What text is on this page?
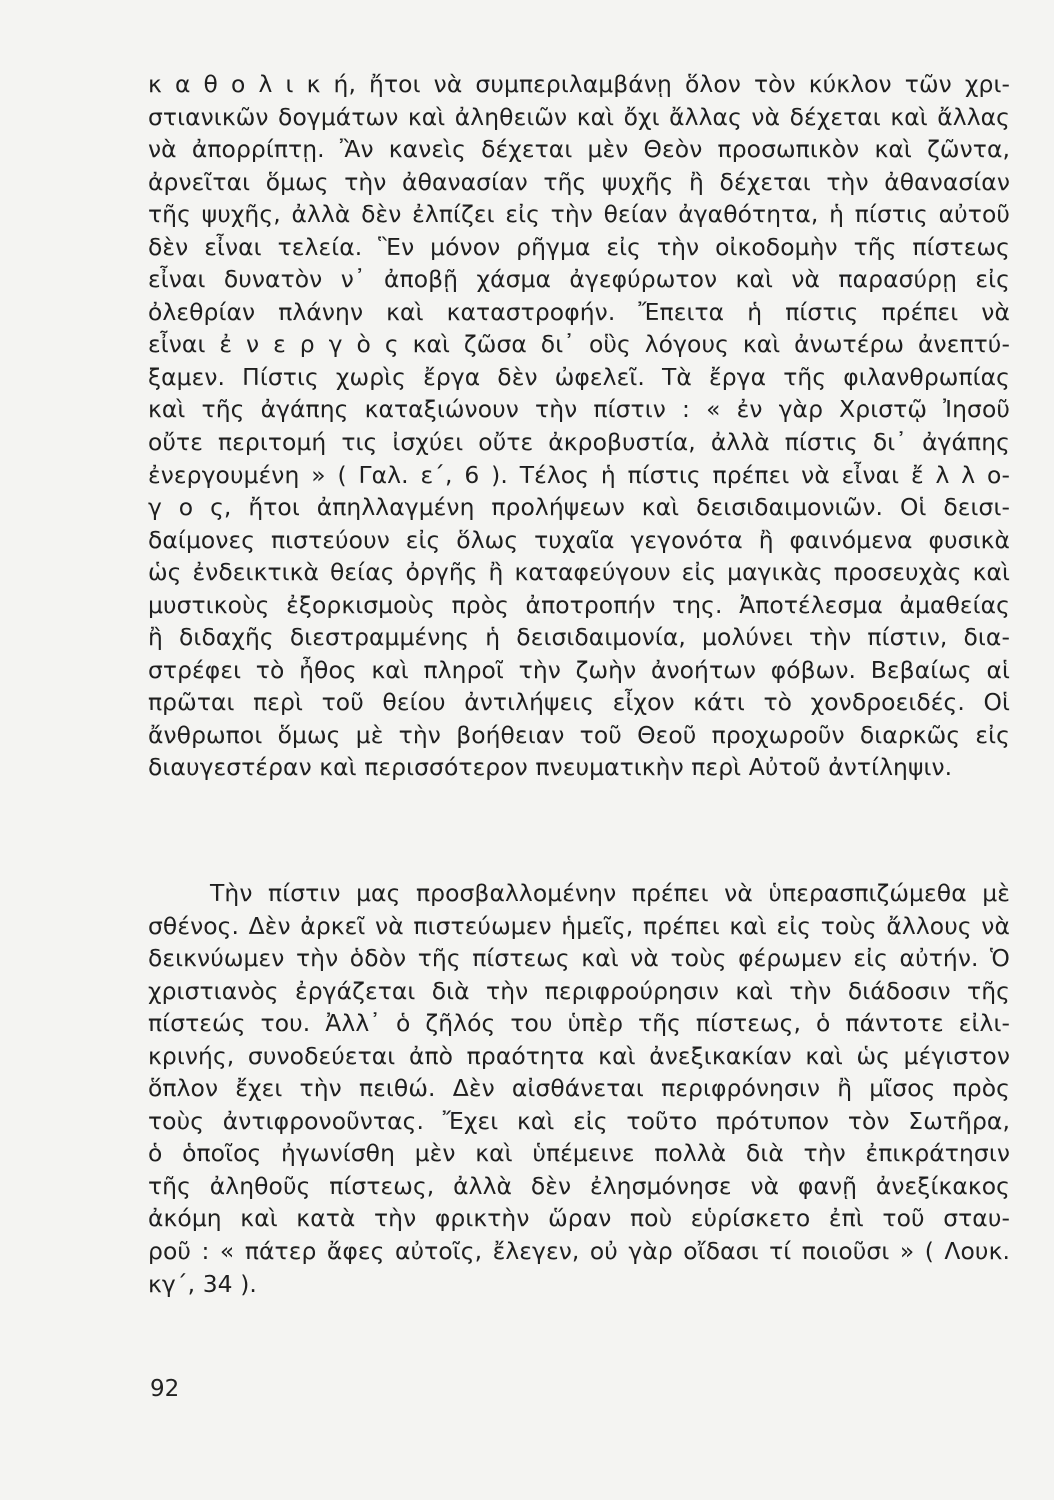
κ α θ ο λ ι κ ή, ἤτοι νὰ συμπεριλαμβάνῃ ὅλον τὸν κύκλον τῶν χρι-
στιανικῶν δογμάτων καὶ ἀληθειῶν καὶ ὄχι ἄλλας νὰ δέχεται καὶ ἄλλας
νὰ ἀπορρίπτῃ. Ἂν κανεὶς δέχεται μὲν Θεὸν προσωπικὸν καὶ ζῶντα,
ἀρνεῖται ὅμως τὴν ἀθανασίαν τῆς ψυχῆς ἢ δέχεται τὴν ἀθανασίαν
τῆς ψυχῆς, ἀλλὰ δὲν ἐλπίζει εἰς τὴν θείαν ἀγαθότητα, ἡ πίστις αὐτοῦ
δὲν εἶναι τελεία. Ἓν μόνον ρῆγμα εἰς τὴν οἰκοδομὴν τῆς πίστεως
εἶναι δυνατὸν ν᾽ ἀποβῇ χάσμα ἀγεφύρωτον καὶ νὰ παρασύρῃ εἰς
ὀλεθρίαν πλάνην καὶ καταστροφήν. Ἔπειτα ἡ πίστις πρέπει νὰ
εἶναι ἐ ν ε ρ γ ὸ ς καὶ ζῶσα δι᾽ οὓς λόγους καὶ ἀνωτέρω ἀνεπτύ-
ξαμεν. Πίστις χωρὶς ἔργα δὲν ὠφελεῖ. Τὰ ἔργα τῆς φιλανθρωπίας
καὶ τῆς ἀγάπης καταξιώνουν τὴν πίστιν : « ἐν γὰρ Χριστῷ Ἰησοῦ
οὔτε περιτομή τις ἰσχύει οὔτε ἀκροβυστία, ἀλλὰ πίστις δι᾽ ἀγάπης
ἐνεργουμένη » ( Γαλ. ε΄, 6 ). Τέλος ἡ πίστις πρέπει νὰ εἶναι ἔ λ λ ο-
γ ο ς, ἤτοι ἀπηλλαγμένη προλήψεων καὶ δεισιδαιμονιῶν. Οἱ δεισι-
δαίμονες πιστεύουν εἰς ὅλως τυχαῖα γεγονότα ἢ φαινόμενα φυσικὰ
ὡς ἐνδεικτικὰ θείας ὀργῆς ἢ καταφεύγουν εἰς μαγικὰς προσευχὰς καὶ
μυστικοὺς ἐξορκισμοὺς πρὸς ἀποτροπήν της. Ἀποτέλεσμα ἀμαθείας
ἢ διδαχῆς διεστραμμένης ἡ δεισιδαιμονία, μολύνει τὴν πίστιν, δια-
στρέφει τὸ ἦθος καὶ πληροῖ τὴν ζωὴν ἀνοήτων φόβων. Βεβαίως αἱ
πρῶται περὶ τοῦ θείου ἀντιλήψεις εἶχον κάτι τὸ χονδροειδές. Οἱ
ἄνθρωποι ὅμως μὲ τὴν βοήθειαν τοῦ Θεοῦ προχωροῦν διαρκῶς εἰς
διαυγεστέραν καὶ περισσότερον πνευματικὴν περὶ Αὐτοῦ ἀντίληψιν.
Τὴν πίστιν μας προσβαλλομένην πρέπει νὰ ὑπερασπιζώμεθα μὲ
σθένος. Δὲν ἀρκεῖ νὰ πιστεύωμεν ἡμεῖς, πρέπει καὶ εἰς τοὺς ἄλλους νὰ
δεικνύωμεν τὴν ὁδὸν τῆς πίστεως καὶ νὰ τοὺς φέρωμεν εἰς αὐτήν. Ὁ
χριστιανὸς ἐργάζεται διὰ τὴν περιφρούρησιν καὶ τὴν διάδοσιν τῆς
πίστεώς του. Ἀλλ᾽ ὁ ζῆλός του ὑπὲρ τῆς πίστεως, ὁ πάντοτε εἰλι-
κρινής, συνοδεύεται ἀπὸ πραότητα καὶ ἀνεξικακίαν καὶ ὡς μέγιστον
ὅπλον ἔχει τὴν πειθώ. Δὲν αἰσθάνεται περιφρόνησιν ἢ μῖσος πρὸς
τοὺς ἀντιφρονοῦντας. Ἔχει καὶ εἰς τοῦτο πρότυπον τὸν Σωτῆρα,
ὁ ὁποῖος ἠγωνίσθη μὲν καὶ ὑπέμεινε πολλὰ διὰ τὴν ἐπικράτησιν
τῆς ἀληθοῦς πίστεως, ἀλλὰ δὲν ἐλησμόνησε νὰ φανῇ ἀνεξίκακος
ἀκόμη καὶ κατὰ τὴν φρικτὴν ὥραν ποὺ εὑρίσκετο ἐπὶ τοῦ σταυ-
ροῦ : « πάτερ ἄφες αὐτοῖς, ἔλεγεν, οὐ γὰρ οἴδασι τί ποιοῦσι » ( Λουκ.
κγ΄, 34 ).
92
